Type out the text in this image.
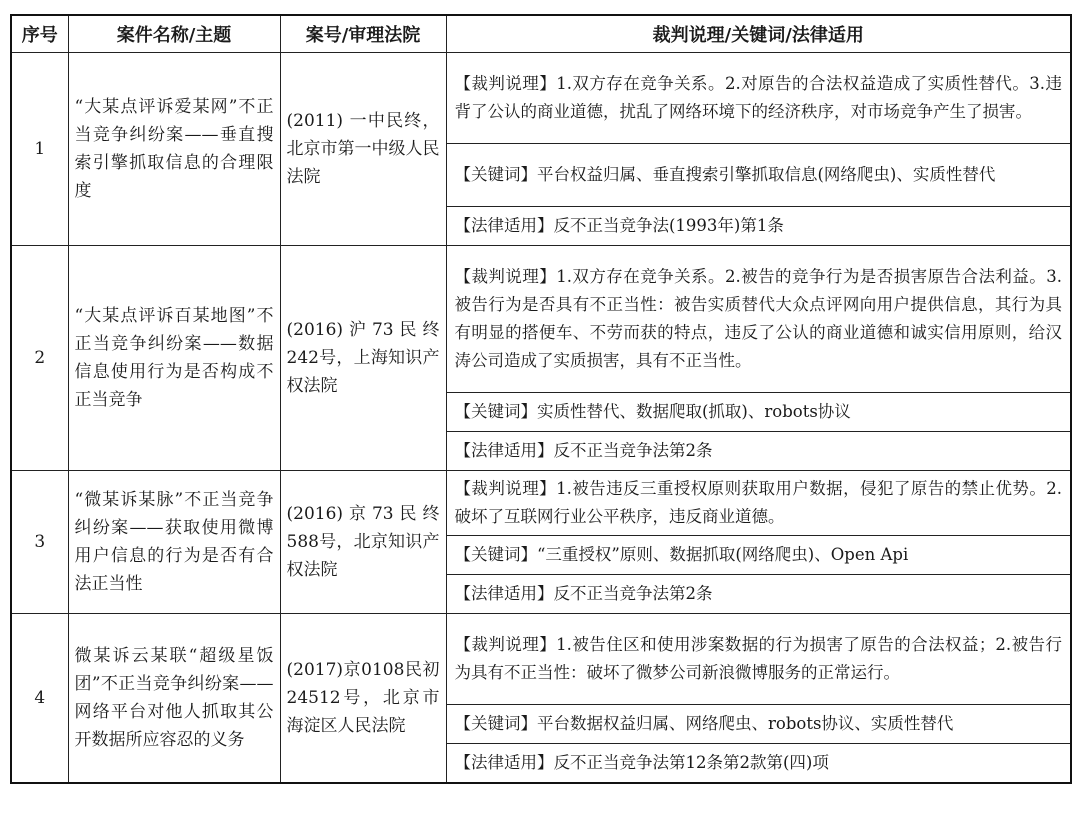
序号	案件名称/主题	案号/审理法院	裁判说理/关键词/法律适用
1	“大某点评诉爱某网”不正当竞争纠纷案——垂直搜索引擎抓取信息的合理限度	(2011) 一中民终，北京市第一中级人民法院	【裁判说理】1.双方存在竞争关系。2.对原告的合法权益造成了实质性替代。3.违背了公认的商业道德，扰乱了网络环境下的经济秩序，对市场竞争产生了损害。
			【关键词】平台权益归属、垂直搜索引擎抓取信息(网络爬虫)、实质性替代
			【法律适用】反不正当竞争法(1993年)第1条
2	“大某点评诉百某地图”不正当竞争纠纷案——数据信息使用行为是否构成不正当竞争	(2016)沪73民终242号，上海知识产权法院	【裁判说理】1.双方存在竞争关系。2.被告的竞争行为是否损害原告合法利益。3.被告行为是否具有不正当性：被告实质替代大众点评网向用户提供信息，其行为具有明显的搭便车、不劳而获的特点，违反了公认的商业道德和诚实信用原则，给汉涛公司造成了实质损害，具有不正当性。
			【关键词】实质性替代、数据爬取(抓取)、robots协议
			【法律适用】反不正当竞争法第2条
3	“微某诉某脉”不正当竞争纠纷案——获取使用微博用户信息的行为是否有合法正当性	(2016)京73民终588号，北京知识产权法院	【裁判说理】1.被告违反三重授权原则获取用户数据，侵犯了原告的禁止优势。2.破坏了互联网行业公平秩序，违反商业道德。
			【关键词】“三重授权”原则、数据抓取(网络爬虫)、Open Api
			【法律适用】反不正当竞争法第2条
4	微某诉云某联“超级星饭团”不正当竞争纠纷案——网络平台对他人抓取其公开数据所应容忍的义务	(2017)京0108民初24512号，北京市海淀区人民法院	【裁判说理】1.被告住区和使用涉案数据的行为损害了原告的合法权益；2.被告行为具有不正当性：破坏了微梦公司新浪微博服务的正常运行。
			【关键词】平台数据权益归属、网络爬虫、robots协议、实质性替代
			【法律适用】反不正当竞争法第12条第2款第(四)项
